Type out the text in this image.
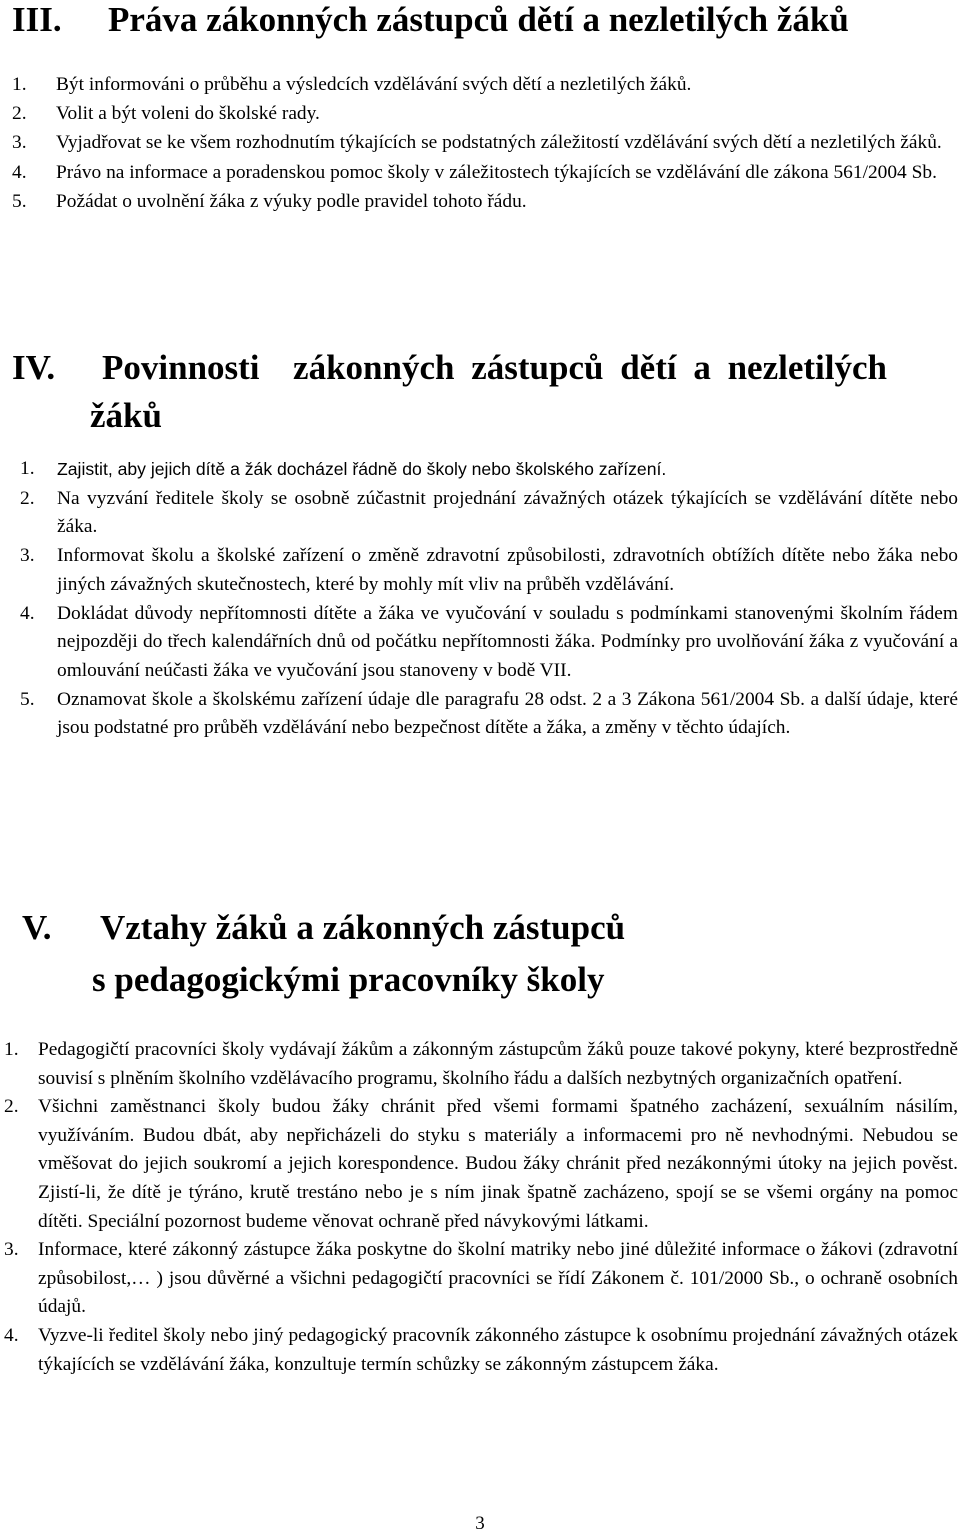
III. Práva zákonných zástupců dětí a nezletilých žáků
1. Být informováni o průběhu a výsledcích vzdělávání svých dětí a nezletilých žáků.
2. Volit a být voleni do školské rady.
3. Vyjadřovat se ke všem rozhodnutím týkajících se podstatných záležitostí vzdělávání svých dětí a nezletilých žáků.
4. Právo na informace a poradenskou pomoc školy v záležitostech týkajících se vzdělávání dle zákona 561/2004 Sb.
5. Požádat o uvolnění žáka z výuky podle pravidel tohoto řádu.
IV. Povinnosti  zákonných zástupců dětí a nezletilých
žáků
1. Zajistit, aby jejich dítě a žák docházel řádně do školy nebo školského zařízení.
2. Na vyzvání ředitele školy se osobně zúčastnit projednání závažných otázek týkajících se vzdělávání dítěte nebo žáka.
3. Informovat školu a školské zařízení o změně zdravotní způsobilosti, zdravotních obtížích dítěte nebo žáka nebo jiných závažných skutečnostech, které by mohly mít vliv na průběh vzdělávání.
4. Dokládat důvody nepřítomnosti dítěte a žáka ve vyučování v souladu s podmínkami stanovenými školním řádem nejpozději do třech kalendářních dnů od počátku nepřítomnosti žáka. Podmínky pro uvolňování žáka z vyučování a omlouvání neúčasti žáka ve vyučování jsou stanoveny v bodě VII.
5. Oznamovat škole a školskému zařízení údaje dle paragrafu 28 odst. 2 a 3 Zákona 561/2004 Sb. a další údaje, které jsou podstatné pro průběh vzdělávání nebo bezpečnost dítěte a žáka, a změny v těchto údajích.
V. Vztahy žáků a zákonných zástupců
s pedagogickými pracovníky školy
1. Pedagogičtí pracovníci školy vydávají žákům a zákonným zástupcům žáků pouze takové pokyny, které bezprostředně souvisí s plněním školního vzdělávacího programu, školního řádu a dalších nezbytných organizačních opatření.
2. Všichni zaměstnanci školy budou žáky chránit před všemi formami špatného zacházení, sexuálním násilím, využíváním. Budou dbát, aby nepřicházeli do styku s materiály a informacemi pro ně nevhodnými. Nebudou se vměšovat do jejich soukromí a jejich korespondence. Budou žáky chránit před nezákonnými útoky na jejich pověst. Zjistí-li, že dítě je týráno, krutě trestáno nebo je s ním jinak špatně zacházeno, spojí se se všemi orgány na pomoc dítěti. Speciální pozornost budeme věnovat ochraně před návykovými látkami.
3. Informace, které zákonný zástupce žáka poskytne do školní matriky nebo jiné důležité informace o žákovi (zdravotní způsobilost,… ) jsou důvěrné a všichni pedagogičtí pracovníci se řídí Zákonem č. 101/2000 Sb., o ochraně osobních údajů.
4. Vyzve-li ředitel školy nebo jiný pedagogický pracovník zákonného zástupce k osobnímu projednání závažných otázek týkajících se vzdělávání žáka, konzultuje termín schůzky se zákonným zástupcem žáka.
3
